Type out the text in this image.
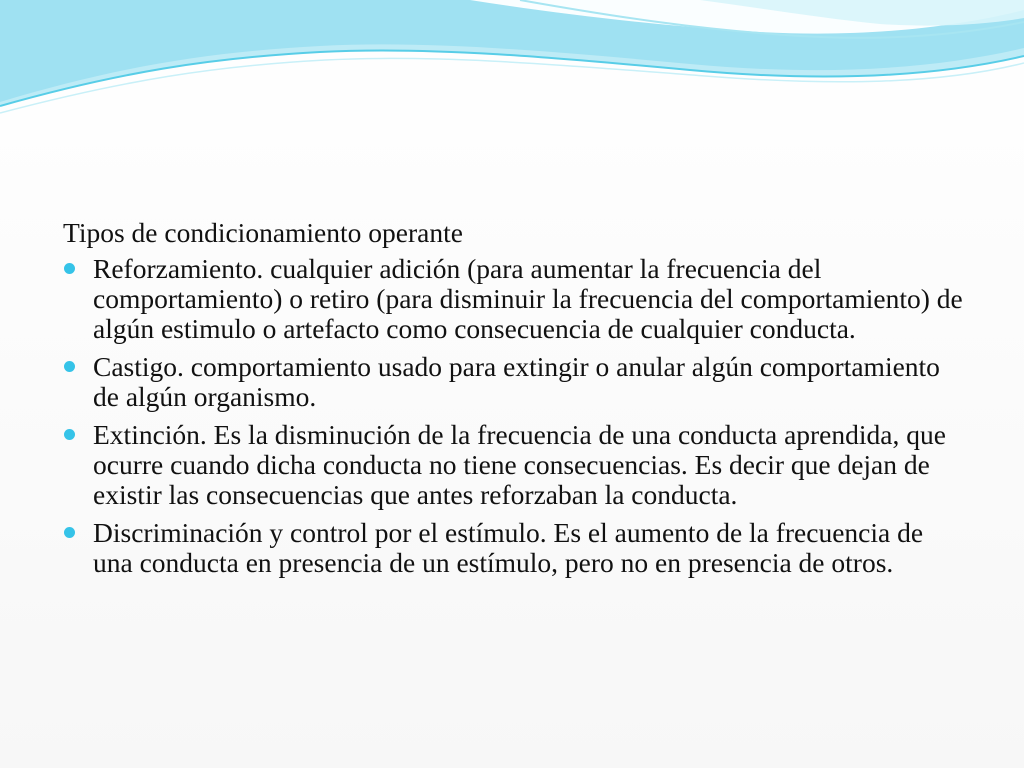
Tipos de condicionamiento operante
Reforzamiento. cualquier adición (para aumentar la frecuencia del comportamiento) o retiro (para disminuir la frecuencia del comportamiento) de algún estimulo o artefacto como consecuencia de cualquier conducta.
Castigo. comportamiento usado para extingir o anular algún comportamiento de algún organismo.
Extinción. Es la disminución de la frecuencia de una conducta aprendida, que ocurre cuando dicha conducta no tiene consecuencias. Es decir que dejan de existir las consecuencias que antes reforzaban la conducta.
Discriminación y control por el estímulo. Es el aumento de la frecuencia de una conducta en presencia de un estímulo, pero no en presencia de otros.
